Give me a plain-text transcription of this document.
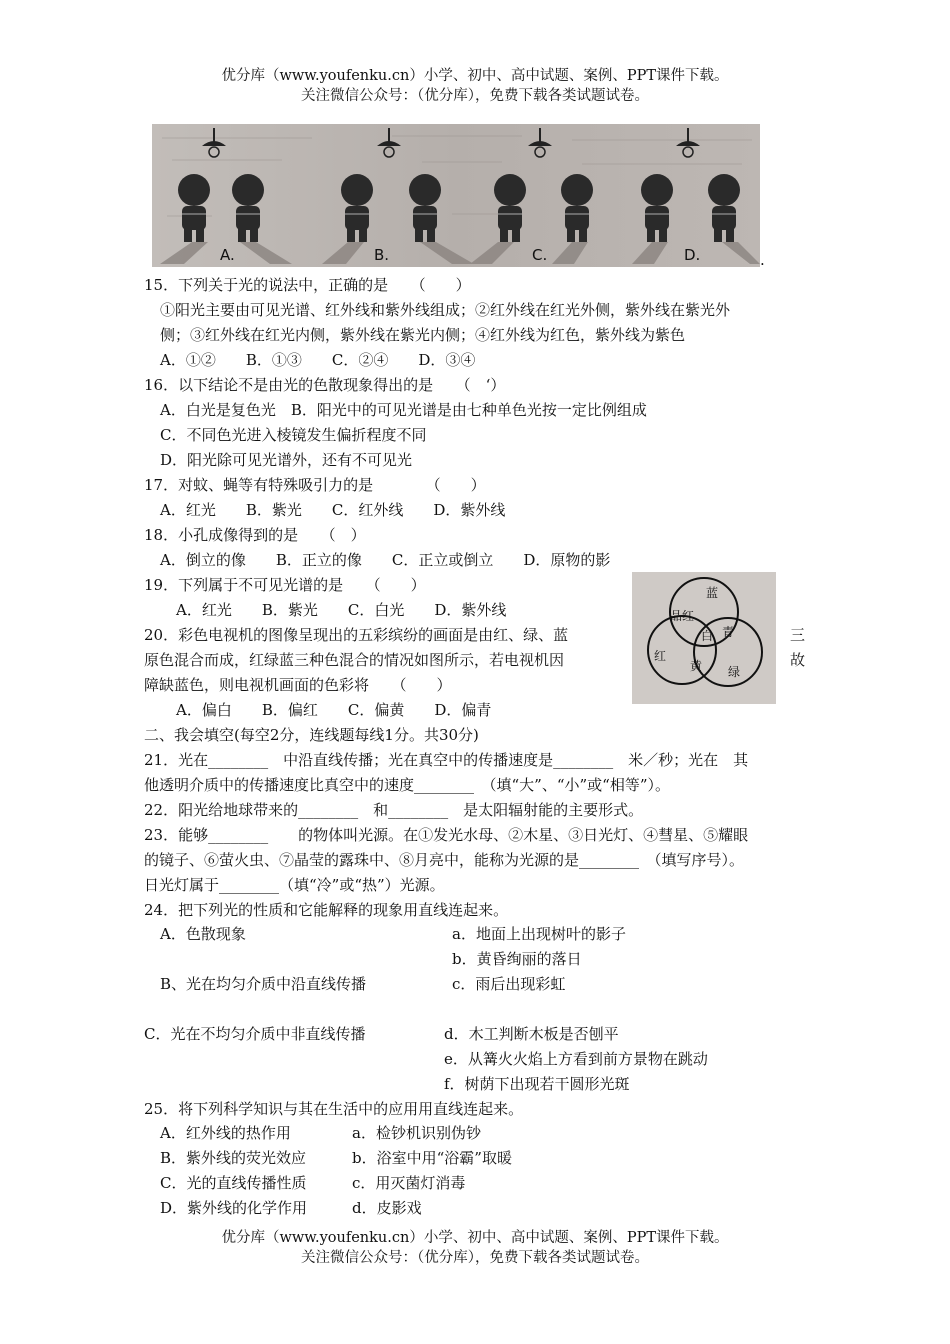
优分库（www.youfenku.cn）小学、初中、高中试题、案例、PPT课件下载。
关注微信公众号：（优分库），免费下载各类试题试卷。
A.	B.	C.	D.	.
15．下列关于光的说法中，正确的是　　（　　）
①阳光主要由可见光谱、红外线和紫外线组成；②红外线在红光外侧，紫外线在紫光外
侧；③红外线在红光内侧，紫外线在紫光内侧；④红外线为红色，紫外线为紫色
A．①②　　B．①③　　C．②④　　D．③④
16．以下结论不是由光的色散现象得出的是　　（　‘）
A．白光是复色光　B．阳光中的可见光谱是由七种单色光按一定比例组成
C．不同色光进入棱镜发生偏折程度不同
D．阳光除可见光谱外，还有不可见光
17．对蚊、蝇等有特殊吸引力的是　　　　（　　）
A．红光　　B．紫光　　C．红外线　　D．紫外线
18．小孔成像得到的是　　（　）
A．倒立的像　　B．正立的像　　C．正立或倒立　　D．原物的影
19．下列属于不可见光谱的是　　（　　）
A．红光　　B．紫光　　C．白光　　D．紫外线
蓝
品红
青
白
红
黄 绿
20．彩色电视机的图像呈现出的五彩缤纷的画面是由红、绿、蓝	三
原色混合而成，红绿蓝三种色混合的情况如图所示，若电视机因	故
障缺蓝色，则电视机画面的色彩将　　（　　）
A．偏白　　B．偏红　　C．偏黄　　D．偏青
二、我会填空(每空2分，连线题每线1分。共30分)
21．光在________　中沿直线传播；光在真空中的传播速度是________　米／秒；光在　其
他透明介质中的传播速度比真空中的速度________　（填“大”、“小”或“相等”）。
22．阳光给地球带来的________　和________　是太阳辐射能的主要形式。
23．能够________　　的物体叫光源。在①发光水母、②木星、③日光灯、④彗星、⑤耀眼
的镜子、⑥萤火虫、⑦晶莹的露珠中、⑧月亮中，能称为光源的是________　（填写序号）。
日光灯属于________（填“冷”或“热”）光源。
24．把下列光的性质和它能解释的现象用直线连起来。
A．色散现象	a．地面上出现树叶的影子
b．黄昏绚丽的落日
B、光在均匀介质中沿直线传播	c．雨后出现彩虹
C．光在不均匀介质中非直线传播	d．木工判断木板是否刨平
e．从篝火火焰上方看到前方景物在跳动
f．树荫下出现若干圆形光斑
25．将下列科学知识与其在生活中的应用用直线连起来。
A．红外线的热作用	a．检钞机识别伪钞
B．紫外线的荧光效应	b．浴室中用“浴霸”取暖
C．光的直线传播性质	c．用灭菌灯消毒
D．紫外线的化学作用	d．皮影戏
优分库（www.youfenku.cn）小学、初中、高中试题、案例、PPT课件下载。
关注微信公众号：（优分库），免费下载各类试题试卷。
